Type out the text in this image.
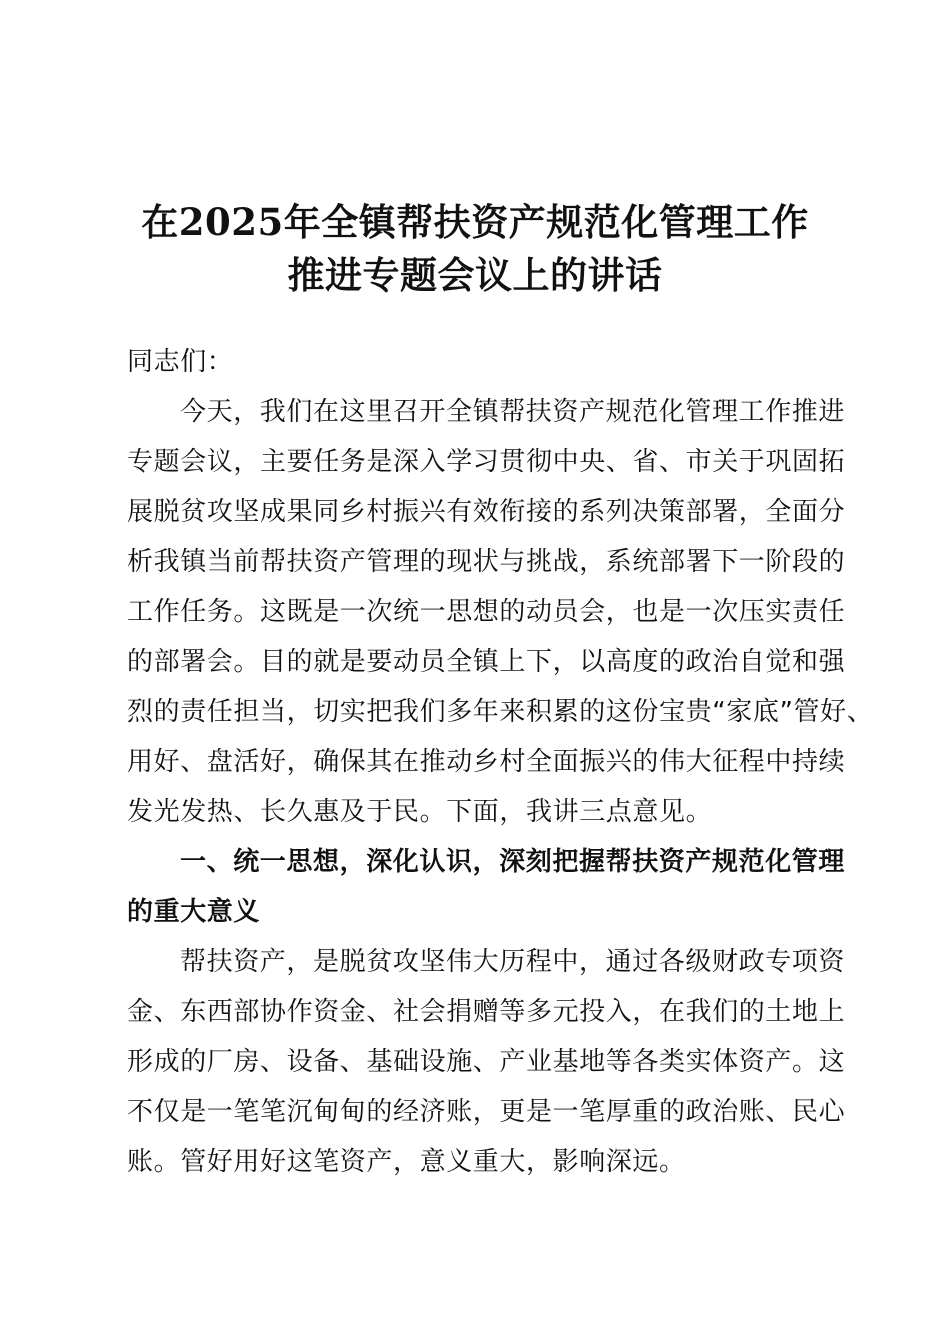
在2025年全镇帮扶资产规范化管理工作
推进专题会议上的讲话
同志们：
今天，我们在这里召开全镇帮扶资产规范化管理工作推进
专题会议，主要任务是深入学习贯彻中央、省、市关于巩固拓
展脱贫攻坚成果同乡村振兴有效衔接的系列决策部署，全面分
析我镇当前帮扶资产管理的现状与挑战，系统部署下一阶段的
工作任务。这既是一次统一思想的动员会，也是一次压实责任
的部署会。目的就是要动员全镇上下，以高度的政治自觉和强
烈的责任担当，切实把我们多年来积累的这份宝贵“家底”管好、
用好、盘活好，确保其在推动乡村全面振兴的伟大征程中持续
发光发热、长久惠及于民。下面，我讲三点意见。
一、统一思想，深化认识，深刻把握帮扶资产规范化管理
的重大意义
帮扶资产，是脱贫攻坚伟大历程中，通过各级财政专项资
金、东西部协作资金、社会捐赠等多元投入，在我们的土地上
形成的厂房、设备、基础设施、产业基地等各类实体资产。这
不仅是一笔笔沉甸甸的经济账，更是一笔厚重的政治账、民心
账。管好用好这笔资产，意义重大，影响深远。
